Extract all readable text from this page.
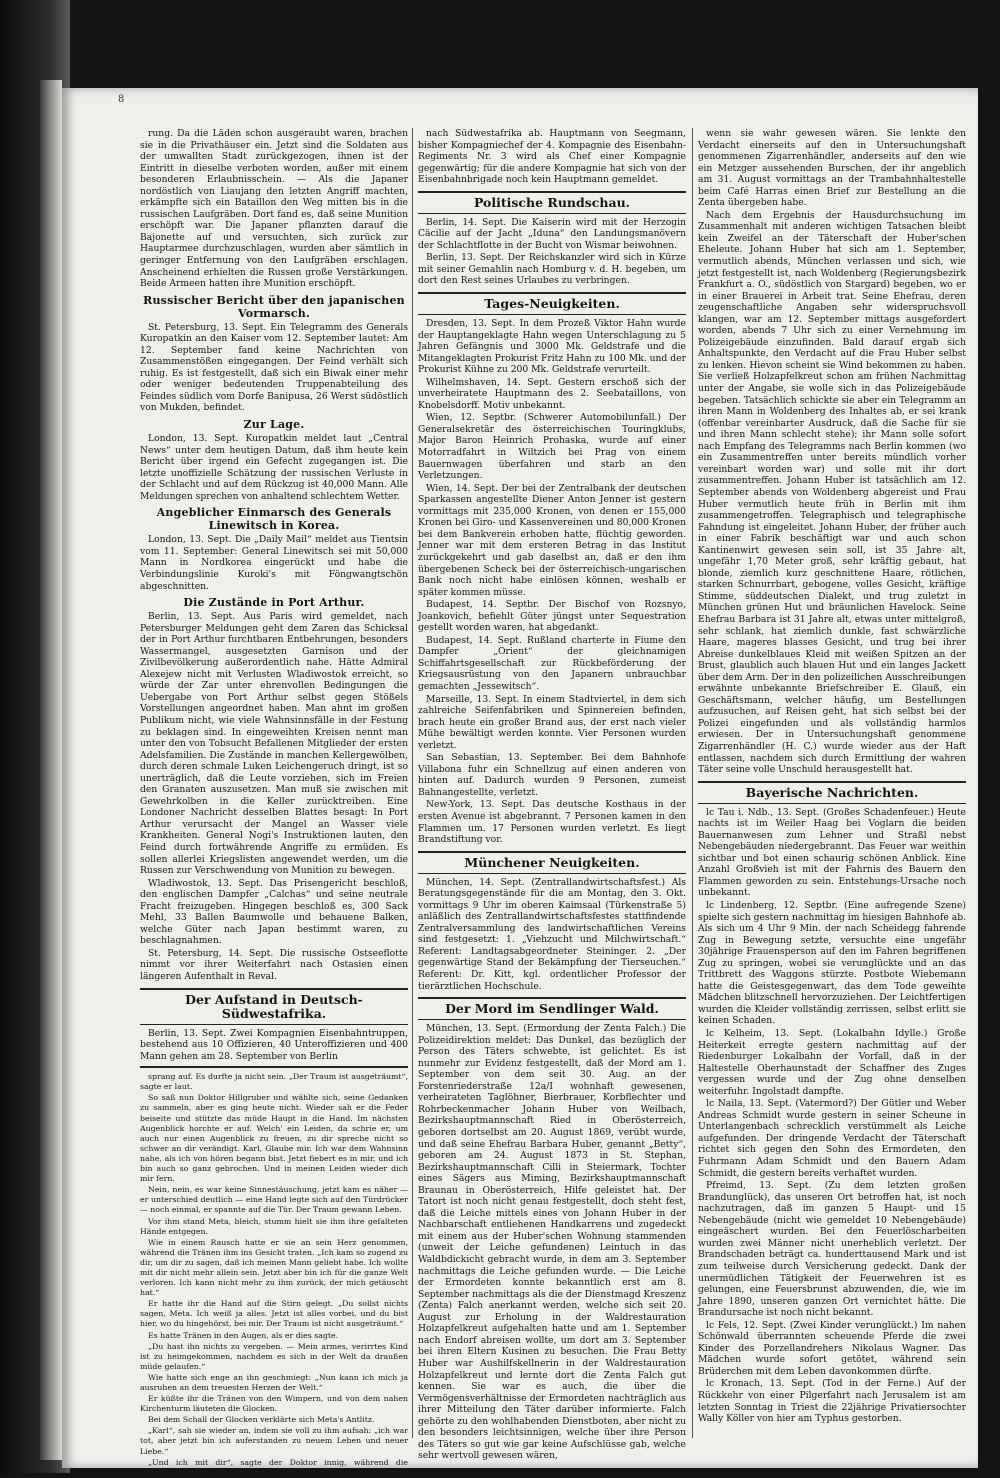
8

rung. Da die Läden schon ausgeraubt waren, brachen sie in die Privathäuser ein. Jetzt sind die Soldaten aus der umwallten Stadt zurückgezogen, ihnen ist der Eintritt in dieselbe verboten worden, außer mit einem besonderen Erlaubnisschein. — Als die Japaner nordöstlich von Liaujang den letzten Angriff machten, erkämpfte sich ein Bataillon den Weg mitten bis in die russischen Laufgräben. Dort fand es, daß seine Munition erschöpft war. Die Japaner pflanzten darauf die Bajonette auf und versuchten, sich zurück zur Hauptarmee durchzuschlagen, wurden aber sämtlich in geringer Entfernung von den Laufgräben erschlagen. Anscheinend erhielten die Russen große Verstärkungen. Beide Armeen hatten ihre Munition erschöpft.

Russischer Bericht über den japanischen Vormarsch.

St. Petersburg, 13. Sept. Ein Telegramm des Generals Kuropatkin an den Kaiser vom 12. September lautet: Am 12. September fand keine Nachrichten von Zusammenstößen eingegangen. Der Feind verhält sich ruhig. Es ist festgestellt, daß sich ein Biwak einer mehr oder weniger bedeutenden Truppenabteilung des Feindes südlich vom Dorfe Banipusa, 26 Werst südöstlich von Mukden, befindet.

Zur Lage.

London, 13. Sept. Kuropatkin meldet laut „Central News“ unter dem heutigen Datum, daß ihm heute kein Bericht über irgend ein Gefecht zugegangen ist. Die letzte unoffizielle Schätzung der russischen Verluste in der Schlacht und auf dem Rückzug ist 40,000 Mann. Alle Meldungen sprechen von anhaltend schlechtem Wetter.

Angeblicher Einmarsch des Generals Linewitsch in Korea.

London, 13. Sept. Die „Daily Mail“ meldet aus Tientsin vom 11. September: General Linewitsch sei mit 50,000 Mann in Nordkorea eingerückt und habe die Verbindungslinie Kuroki's mit Föngwangtschön abgeschnitten.

Die Zustände in Port Arthur.

Berlin, 13. Sept. Aus Paris wird gemeldet, nach Petersburger Meldungen geht dem Zaren das Schicksal der in Port Arthur furchtbaren Entbehrungen, besonders Wassermangel, ausgesetzten Garnison und der Zivilbevölkerung außerordentlich nahe. Hätte Admiral Alexejew nicht mit Verlusten Wladiwostok erreicht, so würde der Zar unter ehrenvollen Bedingungen die Uebergabe von Port Arthur selbst gegen Stößels Vorstellungen angeordnet haben. Man ahnt im großen Publikum nicht, wie viele Wahnsinnsfälle in der Festung zu beklagen sind. In eingeweihten Kreisen nennt man unter den von Tobsucht Befallenen Mitglieder der ersten Adelsfamilien. Die Zustände in manchen Kellergewölben, durch deren schmale Luken Leichengeruch dringt, ist so unerträglich, daß die Leute vorziehen, sich im Freien den Granaten auszusetzen. Man muß sie zwischen mit Gewehrkolben in die Keller zurücktreiben. Eine Londoner Nachricht desselben Blattes besagt: In Port Arthur verursacht der Mangel an Wasser viele Krankheiten. General Nogi's Instruktionen lauten, den Feind durch fortwährende Angriffe zu ermüden. Es sollen allerlei Kriegslisten angewendet werden, um die Russen zur Verschwendung von Munition zu bewegen.

Wladiwostok, 13. Sept. Das Prisengericht beschloß, den englischen Dampfer „Calchas“ und seine neutrale Fracht freizugeben. Hingegen beschloß es, 300 Sack Mehl, 33 Ballen Baumwolle und behauene Balken, welche Güter nach Japan bestimmt waren, zu beschlagnahmen.

St. Petersburg, 14. Sept. Die russische Ostseeflotte nimmt vor ihrer Weiterfahrt nach Ostasien einen längeren Aufenthalt in Reval.

Der Aufstand in Deutsch-Südwestafrika.

Berlin, 13. Sept. Zwei Kompagnien Eisenbahntruppen, bestehend aus 10 Offizieren, 40 Unteroffizieren und 400 Mann gehen am 28. September von Berlin

sprang auf. Es durfte ja nicht sein. „Der Traum ist ausgeträumt“, sagte er laut.

So saß nun Doktor Hillgruber und wählte sich, seine Gedanken zu sammeln, aber es ging heute nicht. Wieder sah er die Feder beiseite und stützte das müde Haupt in die Hand. Im nächsten Augenblick horchte er auf. Welch' ein Leiden, da schrie er, um auch nur einen Augenblick zu freuen, zu dir spreche nicht so schwer an dir verändigt. Karl, Glaube mir. Ich war dem Wahnsinn nahe, als ich von hören begann bist. Jetzt fiebert es in mir, und ich bin auch so ganz gebrochen. Und in meinen Leiden wieder dich mir fern.

Nein, nein, es war keine Sinnestäuschung, jetzt kam es näher — er unterschied deutlich — eine Hand legte sich auf den Türdrücker — noch einmal, er spannte auf die Tür. Der Traum gewann Leben.

Vor ihm stand Meta, bleich, stumm hielt sie ihm ihre gefalteten Hände entgegen.

Wie in einem Rausch hatte er sie an sein Herz genommen, während die Tränen ihm ins Gesicht traten. „Ich kam so zugend zu dir, um dir zu sagen, daß ich meinen Mann geliebt habe. Ich wollte mit dir nicht mehr allein sein. Jetzt aber bin ich für die ganze Welt verloren. Ich kann nicht mehr zu ihm zurück, der mich getäuscht hat.“

Er hatte ihr die Hand auf die Stirn gelegt. „Du sollst nichts sagen, Meta. Ich weiß ja alles. Jetzt ist alles vorbei, und du bist hier, wo du hingehörst, bei mir. Der Traum ist nicht ausgeträumt.“

Es hatte Tränen in den Augen, als er dies sagte.

„Du hast ihn nichts zu vergeben. — Mein armes, verirrtes Kind ist zu heimgekommen, nachdem es sich in der Welt da draußen müde gelaufen.“

Wie hatte sich enge an ihn geschmiegt: „Nun kann ich mich ja ausruhen an dem treuesten Herzen der Welt.“

Er küßte ihr die Tränen von den Wimpern, und von dem nahen Kirchenturm läuteten die Glocken.

Bei dem Schall der Glocken verklärte sich Meta's Antlitz.

„Karl“, sah sie wieder an, indem sie voll zu ihm aufsah: „ich war tot, aber jetzt bin ich auferstanden zu neuem Leben und neuer Liebe.“

„Und ich mit dir“, sagte der Doktor innig, während die Osterglocken feierlich verklangen.

nach Südwestafrika ab. Hauptmann von Seegmann, bisher Kompagniechef der 4. Kompagnie des Eisenbahn-Regiments Nr. 3 wird als Chef einer Kompagnie gegenwärtig; für die andere Kompagnie hat sich von der Eisenbahnbrigade noch kein Hauptmann gemeldet.

Politische Rundschau.

Berlin, 14. Sept. Die Kaiserin wird mit der Herzogin Cäcilie auf der Jacht „Iduna“ den Landungsmanövern der Schlachtflotte in der Bucht von Wismar beiwohnen.

Berlin, 13. Sept. Der Reichskanzler wird sich in Kürze mit seiner Gemahlin nach Homburg v. d. H. begeben, um dort den Rest seines Urlaubes zu verbringen.

Tages-Neuigkeiten.

Dresden, 13. Sept. In dem Prozeß Viktor Hahn wurde der Hauptangeklagte Hahn wegen Unterschlagung zu 5 Jahren Gefängnis und 3000 Mk. Geldstrafe und die Mitangeklagten Prokurist Fritz Hahn zu 100 Mk. und der Prokurist Kühne zu 200 Mk. Geldstrafe verurteilt.

Wilhelmshaven, 14. Sept. Gestern erschoß sich der unverheiratete Hauptmann des 2. Seebataillons, von Knobelsdorff. Motiv unbekannt.

Wien, 12. Septbr. (Schwerer Automobilunfall.) Der Generalsekretär des österreichischen Touringklubs, Major Baron Heinrich Prohaska, wurde auf einer Motorradfahrt in Wiltzich bei Prag von einem Bauernwagen überfahren und starb an den Verletzungen.

Wien, 14. Sept. Der bei der Zentralbank der deutschen Sparkassen angestellte Diener Anton Jenner ist gestern vormittags mit 235,000 Kronen, von denen er 155,000 Kronen bei Giro- und Kassenvereinen und 80,000 Kronen bei dem Bankverein erhoben hatte, flüchtig geworden. Jenner war mit dem ersteren Betrag in das Institut zurückgekehrt und gab daselbst an, daß er den ihm übergebenen Scheck bei der österreichisch-ungarischen Bank noch nicht habe einlösen können, weshalb er später kommen müsse.

Budapest, 14. Septbr. Der Bischof von Rozsnyo, Joankovich, befiehlt Güter jüngst unter Sequestration gestellt worden waren, hat abgedankt.

Budapest, 14. Sept. Rußland charterte in Fiume den Dampfer „Orient“ der gleichnamigen Schiffahrtsgesellschaft zur Rückbeförderung der Kriegsausrüstung von den Japanern unbrauchbar gemachten „Jessewitsch“.

Marseille, 13. Sept. In einem Stadtviertel, in dem sich zahlreiche Seifenfabriken und Spinnereien befinden, brach heute ein großer Brand aus, der erst nach vieler Mühe bewältigt werden konnte. Vier Personen wurden verletzt.

San Sebastian, 13. September. Bei dem Bahnhofe Villabona fuhr ein Schnellzug auf einen anderen von hinten auf. Dadurch wurden 9 Personen, zumeist Bahnangestellte, verletzt.

New-York, 13. Sept. Das deutsche Kosthaus in der ersten Avenue ist abgebrannt. 7 Personen kamen in den Flammen um. 17 Personen wurden verletzt. Es liegt Brandstiftung vor.

Münchener Neuigkeiten.

München, 14. Sept. (Zentrallandwirtschaftsfest.) Als Beratungsgegenstände für die am Montag, den 3. Okt. vormittags 9 Uhr im oberen Kaimsaal (Türkenstraße 5) anläßlich des Zentrallandwirtschaftsfestes stattfindende Zentralversammlung des landwirtschaftlichen Vereins sind festgesetzt: 1. „Viehzucht und Milchwirtschaft.“ Referent: Landtagsabgeordneter Steininger. 2. „Der gegenwärtige Stand der Bekämpfung der Tierseuchen.“ Referent: Dr. Kitt, kgl. ordentlicher Professor der tierärztlichen Hochschule.

Der Mord im Sendlinger Wald.

München, 13. Sept. (Ermordung der Zenta Falch.) Die Polizeidirektion meldet: Das Dunkel, das bezüglich der Person des Täters schwebte, ist gelichtet. Es ist nunmehr zur Evidenz festgestellt, daß der Mord am 1. September von dem seit 30. Aug. an der Forstenriederstraße 12a/I wohnhaft gewesenen, verheirateten Taglöhner, Bierbrauer, Korbflechter und Rohrbeckenmacher Johann Huber von Weilbach, Bezirkshauptmannschaft Ried in Oberösterreich, geboren dortselbst am 20. August 1869, verübt wurde, und daß seine Ehefrau Barbara Huber, genannt „Betty“, geboren am 24. August 1873 in St. Stephan, Bezirkshauptmannschaft Cilli in Steiermark, Tochter eines Sägers aus Miming, Bezirkshauptmannschaft Braunau in Oberösterreich, Hilfe geleistet hat. Der Tatort ist noch nicht genau festgestellt, doch steht fest, daß die Leiche mittels eines von Johann Huber in der Nachbarschaft entliehenen Handkarrens und zugedeckt mit einem aus der Huber'schen Wohnung stammenden (unweit der Leiche gefundenen) Leintuch in das Waldbdickicht gebracht wurde, in dem am 3. September nachmittags die Leiche gefunden wurde. — Die Leiche der Ermordeten konnte bekanntlich erst am 8. September nachmittags als die der Dienstmagd Kreszenz (Zenta) Falch anerkannt werden, welche sich seit 20. August zur Erholung in der Waldrestauration Holzapfelkreut aufgehalten hatte und am 1. September nach Endorf abreisen wollte, um dort am 3. September bei ihren Eltern Kusinen zu besuchen. Die Frau Betty Huber war Aushilfskellnerin in der Waldrestauration Holzapfelkreut und lernte dort die Zenta Falch gut kennen. Sie war es auch, die über die Vermögensverhältnisse der Ermordeten nachträglich aus ihrer Mitteilung den Täter darüber informierte. Falch gehörte zu den wohlhabenden Dienstboten, aber nicht zu den besonders leichtsinnigen, welche über ihre Person des Täters so gut wie gar keine Aufschlüsse gab, welche sehr wertvoll gewesen wären,

wenn sie wahr gewesen wären. Sie lenkte den Verdacht einerseits auf den in Untersuchungshaft genommenen Zigarrenhändler, anderseits auf den wie ein Metzger aussehenden Burschen, der ihr angeblich am 31. August vormittags an der Trambahnhaltestelle beim Café Harras einen Brief zur Bestellung an die Zenta übergeben habe.

Nach dem Ergebnis der Hausdurchsuchung im Zusammenhalt mit anderen wichtigen Tatsachen bleibt kein Zweifel an der Täterschaft der Huber'schen Eheleute. Johann Huber hat sich am 1. September, vermutlich abends, München verlassen und sich, wie jetzt festgestellt ist, nach Woldenberg (Regierungsbezirk Frankfurt a. O., südöstlich von Stargard) begeben, wo er in einer Brauerei in Arbeit trat. Seine Ehefrau, deren zeugenschaftliche Angaben sehr widerspruchsvoll klangen, war am 12. September mittags ausgefordert worden, abends 7 Uhr sich zu einer Vernehmung im Polizeigebäude einzufinden. Bald darauf ergab sich Anhaltspunkte, den Verdacht auf die Frau Huber selbst zu lenken. Hievon scheint sie Wind bekommen zu haben. Sie verließ Holzapfelkreut schon am frühen Nachmittag unter der Angabe, sie wolle sich in das Polizeigebäude begeben. Tatsächlich schickte sie aber ein Telegramm an ihren Mann in Woldenberg des Inhaltes ab, er sei krank (offenbar vereinbarter Ausdruck, daß die Sache für sie und ihren Mann schlecht stehe); ihr Mann solle sofort nach Empfang des Telegramms nach Berlin kommen (wo ein Zusammentreffen unter bereits mündlich vorher vereinbart worden war) und solle mit ihr dort zusammentreffen. Johann Huber ist tatsächlich am 12. September abends von Woldenberg abgereist und Frau Huber vermutlich heute früh in Berlin mit ihm zusammengetroffen. Telegraphisch und telegraphische Fahndung ist eingeleitet. Johann Huber, der früher auch in einer Fabrik beschäftigt war und auch schon Kantinenwirt gewesen sein soll, ist 35 Jahre alt, ungefähr 1,70 Meter groß, sehr kräftig gebaut, hat blonde, ziemlich kurz geschnittene Haare, rötlichen, starken Schnurrbart, gebogene, volles Gesicht, kräftige Stimme, süddeutschen Dialekt, und trug zuletzt in München grünen Hut und bräunlichen Havelock. Seine Ehefrau Barbara ist 31 Jahre alt, etwas unter mittelgroß, sehr schlank, hat ziemlich dunkle, fast schwärzliche Haare, mageres blasses Gesicht, und trug bei ihrer Abreise dunkelblaues Kleid mit weißen Spitzen an der Brust, glaublich auch blauen Hut und ein langes Jackett über dem Arm. Der in den polizeilichen Ausschreibungen erwähnte unbekannte Briefschreiber E. Glauß, ein Geschäftsmann, welcher häufig, um Bestellungen aufzusuchen, auf Reisen geht, hat sich selbst bei der Polizei eingefunden und als vollständig harmlos erwiesen. Der in Untersuchungshaft genommene Zigarrenhändler (H. C.) wurde wieder aus der Haft entlassen, nachdem sich durch Ermittlung der wahren Täter seine volle Unschuld herausgestellt hat.

Bayerische Nachrichten.

lc Tau i. Ndb., 13. Sept. (Großes Schadenfeuer.) Heute nachts ist im Weiler Haag bei Voglarn die beiden Bauernanwesen zum Lehner und Straßl nebst Nebengebäuden niedergebrannt. Das Feuer war weithin sichtbar und bot einen schaurig schönen Anblick. Eine Anzahl Großvieh ist mit der Fahrnis des Bauern den Flammen geworden zu sein. Entstehungs-Ursache noch unbekannt.

lc Lindenberg, 12. Septbr. (Eine aufregende Szene) spielte sich gestern nachmittag im hiesigen Bahnhofe ab. Als sich um 4 Uhr 9 Min. der nach Scheidegg fahrende Zug in Bewegung setzte, versuchte eine ungefähr 30jährige Frauensperson auf den im Fahren begriffenen Zug zu springen, wobei sie verunglückte und an das Trittbrett des Waggons stürzte. Postbote Wiebemann hatte die Geistesgegenwart, das dem Tode geweihte Mädchen blitzschnell hervorzuziehen. Der Leichtfertigen wurden die Kleider vollständig zerrissen, selbst erlitt sie keinen Schaden.

lc Kelheim, 13. Sept. (Lokalbahn Idylle.) Große Heiterkeit erregte gestern nachmittag auf der Riedenburger Lokalbahn der Vorfall, daß in der Haltestelle Oberhaunstadt der Schaffner des Zuges vergessen wurde und der Zug ohne denselben weiterfuhr. Ingolstadt dampfte.

lc Naila, 13. Sept. (Vatermord?) Der Gütler und Weber Andreas Schmidt wurde gestern in seiner Scheune in Unterlangenbach schrecklich verstümmelt als Leiche aufgefunden. Der dringende Verdacht der Täterschaft richtet sich gegen den Sohn des Ermordeten, den Fuhrmann Adam Schmidt und den Bauern Adam Schmidt, die gestern bereits verhaftet wurden.

Pfreimd, 13. Sept. (Zu dem letzten großen Brandunglück), das unseren Ort betroffen hat, ist noch nachzutragen, daß im ganzen 5 Haupt- und 15 Nebengebäude (nicht wie gemeldet 10 Nebengebäude) eingeäschert wurden. Bei den Feuerlöscharbeiten wurden zwei Männer nicht unerheblich verletzt. Der Brandschaden beträgt ca. hunderttausend Mark und ist zum teilweise durch Versicherung gedeckt. Dank der unermüdlichen Tätigkeit der Feuerwehren ist es gelungen, eine Feuersbrunst abzuwenden, die, wie im Jahre 1890, unseren ganzen Ort vernichtet hätte. Die Brandursache ist noch nicht bekannt.

lc Fels, 12. Sept. (Zwei Kinder verunglückt.) Im nahen Schönwald überrannten scheuende Pferde die zwei Kinder des Porzellandrehers Nikolaus Wagner. Das Mädchen wurde sofort getötet, während sein Brüderchen mit dem Leben davonkommen dürfte.

lc Kronach, 13. Sept. (Tod in der Ferne.) Auf der Rückkehr von einer Pilgerfahrt nach Jerusalem ist am letzten Sonntag in Triest die 22jährige Privatiersochter Wally Köller von hier am Typhus gestorben.
